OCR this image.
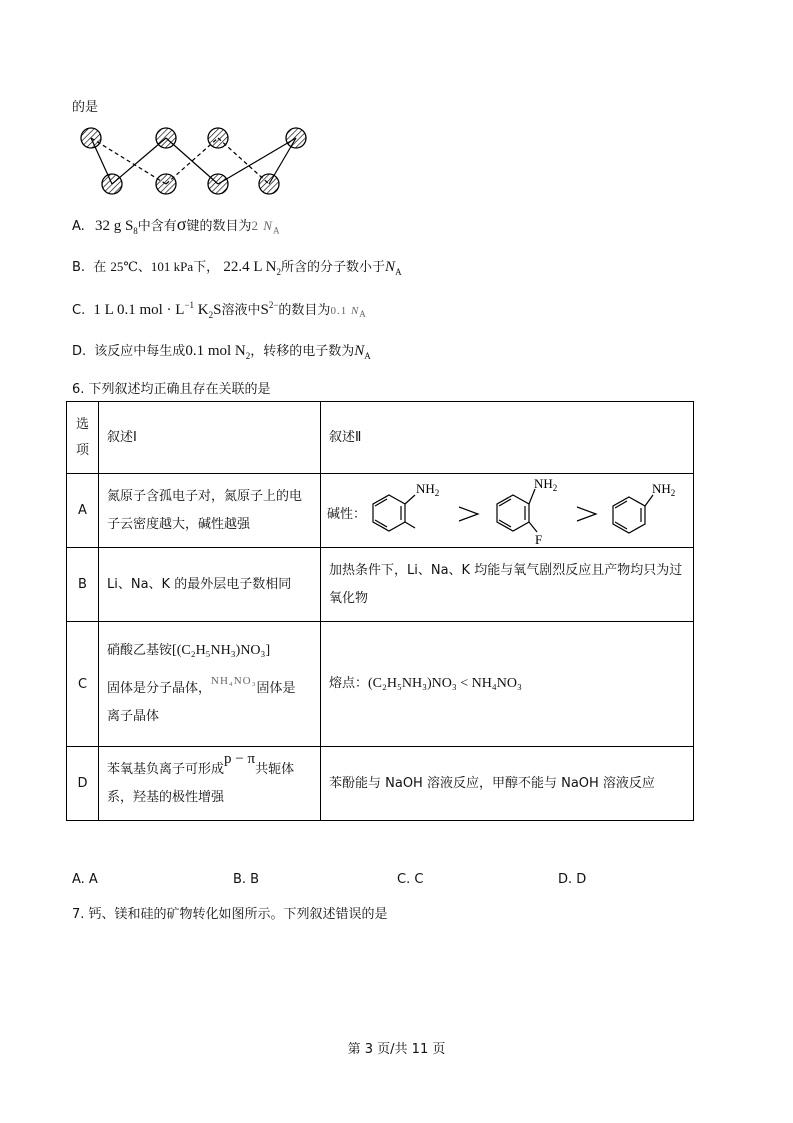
的是
A. 32 g $S_8$中含有σ键的数目为2 $N_A$
B. 在 25℃、101 kPa下， 22.4 L $N_2$所含的分子数小于$N_A$
C. 1 L 0.1 mol · $L^{-1}$ $K_2S$溶液中$S^{2-}$的数目为0.1 $N_A$
D. 该反应中每生成0.1 mol $N_2$，转移的电子数为$N_A$
6. 下列叙述均正确且存在关联的是
选
项	叙述Ⅰ	叙述Ⅱ

A	氮原子含孤电子对，氮原子上的电子云密度越大，碱性越强	碱性：
$NH_2$
$NH_2$
F
$NH_2$

B	Li、Na、K 的最外层电子数相同	加热条件下，Li、Na、K 均能与氧气剧烈反应且产物均只为过氧化物

C	硝酸乙基铵[(C₂H₅NH₃)NO₃]
固体是分子晶体，$^{NH_4NO_3}$固体是
离子晶体	熔点：(C₂H₅NH₃)NO₃ < NH₄NO₃

D	苯氧基负离子可形成p − π共轭体
系，羟基的极性增强	苯酚能与 NaOH 溶液反应，甲醇不能与 NaOH 溶液反应
A. A	B. B	C. C	D. D
7. 钙、镁和硅的矿物转化如图所示。下列叙述错误的是
第 3 页/共 11 页
